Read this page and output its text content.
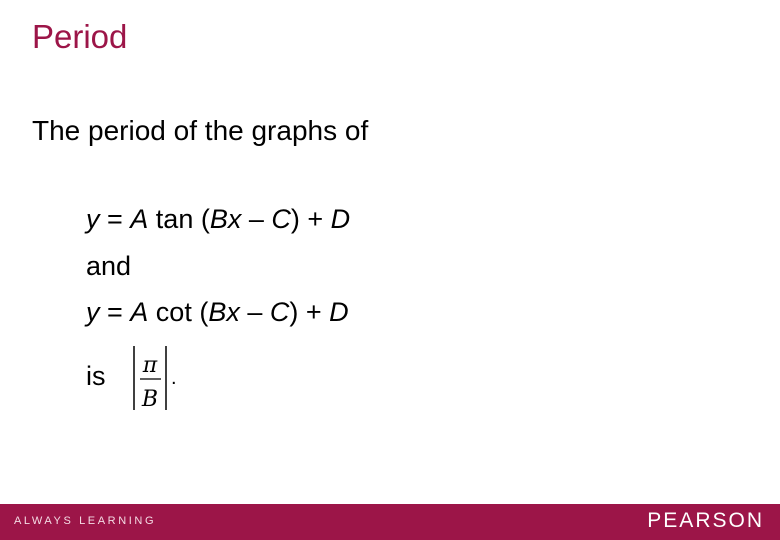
Period
The period of the graphs of
y = A tan (Bx – C) + D
and
y = A cot (Bx – C) + D
is π
B
.
ALWAYS LEARNING	PEARSON
